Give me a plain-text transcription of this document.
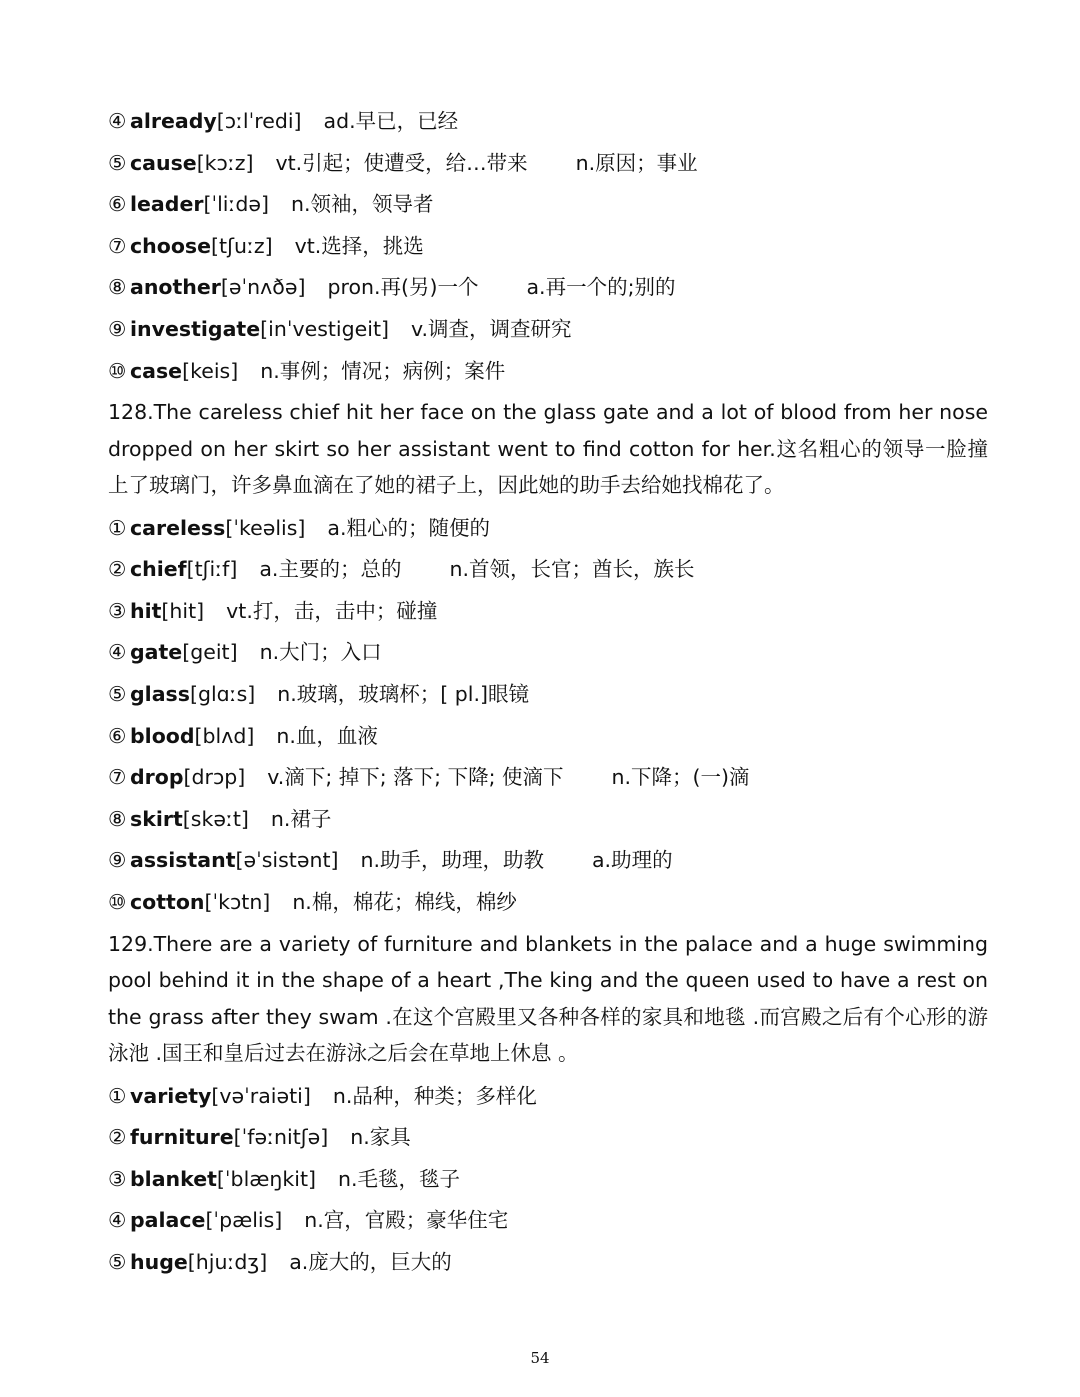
④ already[ɔːlˈredi] ad.早已，已经
⑤ cause[kɔːz] vt.引起；使遭受，给…带来 n.原因；事业
⑥ leader[ˈliːdə] n.领袖，领导者
⑦ choose[tʃuːz] vt.选择，挑选
⑧ another[əˈnʌðə] pron.再(另)一个 a.再一个的;别的
⑨ investigate[inˈvestigeit] v.调查，调查研究
⑩ case[keis] n.事例；情况；病例；案件
128.The careless chief hit her face on the glass gate and a lot of blood from her nose dropped on her skirt so her assistant went to find cotton for her.这名粗心的领导一脸撞上了玻璃门，许多鼻血滴在了她的裙子上，因此她的助手去给她找棉花了。
① careless[ˈkeəlis] a.粗心的；随便的
② chief[tʃiːf] a.主要的；总的 n.首领，长官；酋长，族长
③ hit[hit] vt.打，击，击中；碰撞
④ gate[geit] n.大门；入口
⑤ glass[glɑːs] n.玻璃，玻璃杯；[ pl.]眼镜
⑥ blood[blʌd] n.血，血液
⑦ drop[drɔp] v.滴下; 掉下; 落下; 下降; 使滴下 n.下降；(一)滴
⑧ skirt[skəːt] n.裙子
⑨ assistant[əˈsistənt] n.助手，助理，助教 a.助理的
⑩ cotton[ˈkɔtn] n.棉，棉花；棉线，棉纱
129.There are a variety of furniture and blankets in the palace and a huge swimming pool behind it in the shape of a heart ,The king and the queen used to have a rest on the grass after they swam .在这个宫殿里又各种各样的家具和地毯 .而宫殿之后有个心形的游泳池 .国王和皇后过去在游泳之后会在草地上休息 。
① variety[vəˈraiəti] n.品种，种类；多样化
② furniture[ˈfəːnitʃə] n.家具
③ blanket[ˈblæŋkit] n.毛毯，毯子
④ palace[ˈpælis] n.宫，官殿；豪华住宅
⑤ huge[hjuːdʒ] a.庞大的，巨大的
54
